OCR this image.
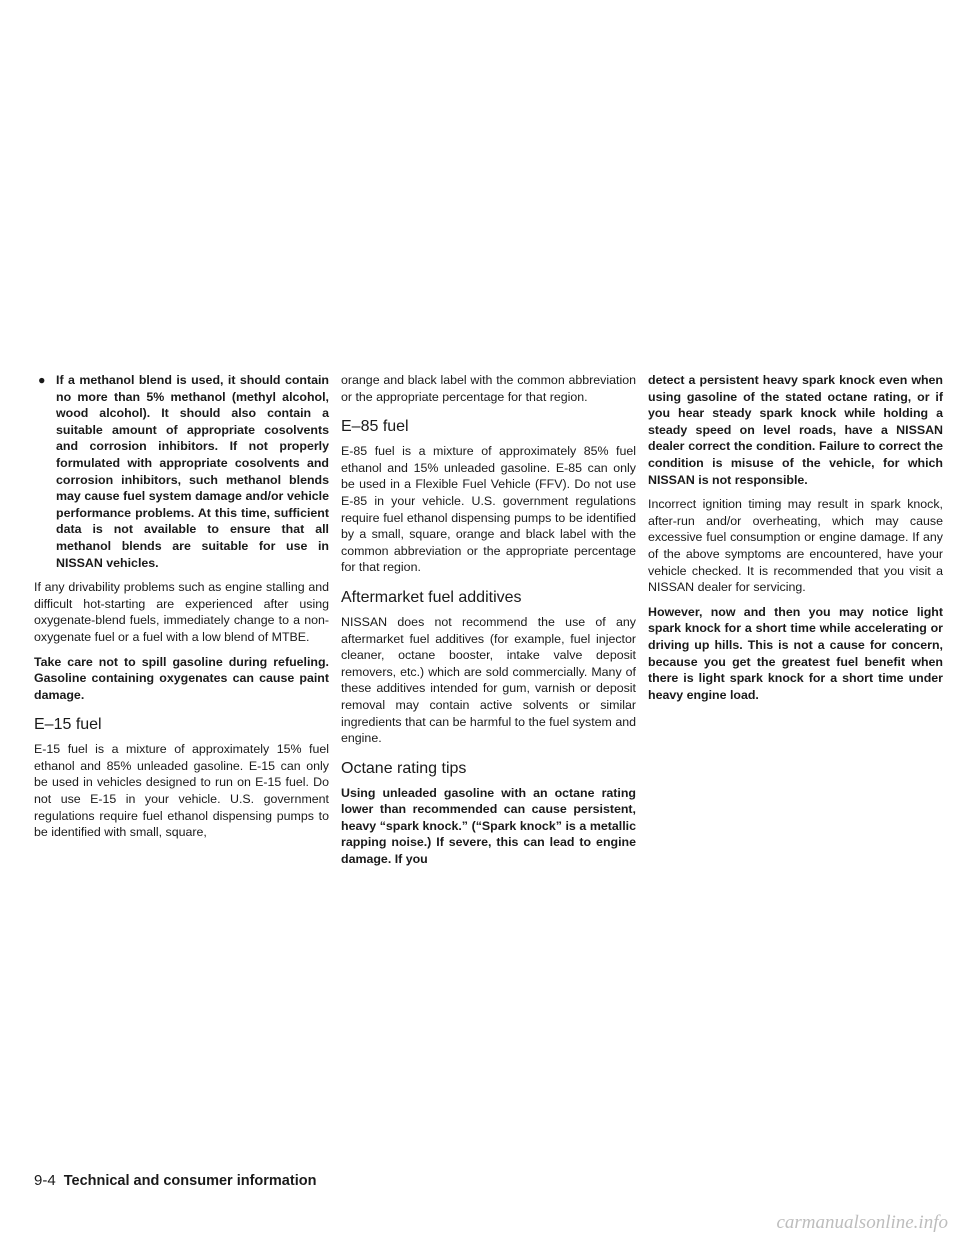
● If a methanol blend is used, it should contain no more than 5% methanol (methyl alcohol, wood alcohol). It should also contain a suitable amount of appropriate cosolvents and corrosion inhibitors. If not properly formulated with appropriate cosolvents and corrosion inhibitors, such methanol blends may cause fuel system damage and/or vehicle performance problems. At this time, sufficient data is not available to ensure that all methanol blends are suitable for use in NISSAN vehicles.

If any drivability problems such as engine stalling and difficult hot-starting are experienced after using oxygenate-blend fuels, immediately change to a non-oxygenate fuel or a fuel with a low blend of MTBE.

Take care not to spill gasoline during refueling. Gasoline containing oxygenates can cause paint damage.

E–15 fuel

E-15 fuel is a mixture of approximately 15% fuel ethanol and 85% unleaded gasoline. E-15 can only be used in vehicles designed to run on E-15 fuel. Do not use E-15 in your vehicle. U.S. government regulations require fuel ethanol dispensing pumps to be identified with small, square,

orange and black label with the common abbreviation or the appropriate percentage for that region.

E–85 fuel

E-85 fuel is a mixture of approximately 85% fuel ethanol and 15% unleaded gasoline. E-85 can only be used in a Flexible Fuel Vehicle (FFV). Do not use E-85 in your vehicle. U.S. government regulations require fuel ethanol dispensing pumps to be identified by a small, square, orange and black label with the common abbreviation or the appropriate percentage for that region.

Aftermarket fuel additives

NISSAN does not recommend the use of any aftermarket fuel additives (for example, fuel injector cleaner, octane booster, intake valve deposit removers, etc.) which are sold commercially. Many of these additives intended for gum, varnish or deposit removal may contain active solvents or similar ingredients that can be harmful to the fuel system and engine.

Octane rating tips

Using unleaded gasoline with an octane rating lower than recommended can cause persistent, heavy “spark knock.” (“Spark knock” is a metallic rapping noise.) If severe, this can lead to engine damage. If you

detect a persistent heavy spark knock even when using gasoline of the stated octane rating, or if you hear steady spark knock while holding a steady speed on level roads, have a NISSAN dealer correct the condition. Failure to correct the condition is misuse of the vehicle, for which NISSAN is not responsible.

Incorrect ignition timing may result in spark knock, after-run and/or overheating, which may cause excessive fuel consumption or engine damage. If any of the above symptoms are encountered, have your vehicle checked. It is recommended that you visit a NISSAN dealer for servicing.

However, now and then you may notice light spark knock for a short time while accelerating or driving up hills. This is not a cause for concern, because you get the greatest fuel benefit when there is light spark knock for a short time under heavy engine load.

9-4 Technical and consumer information
carmanualsonline.info
